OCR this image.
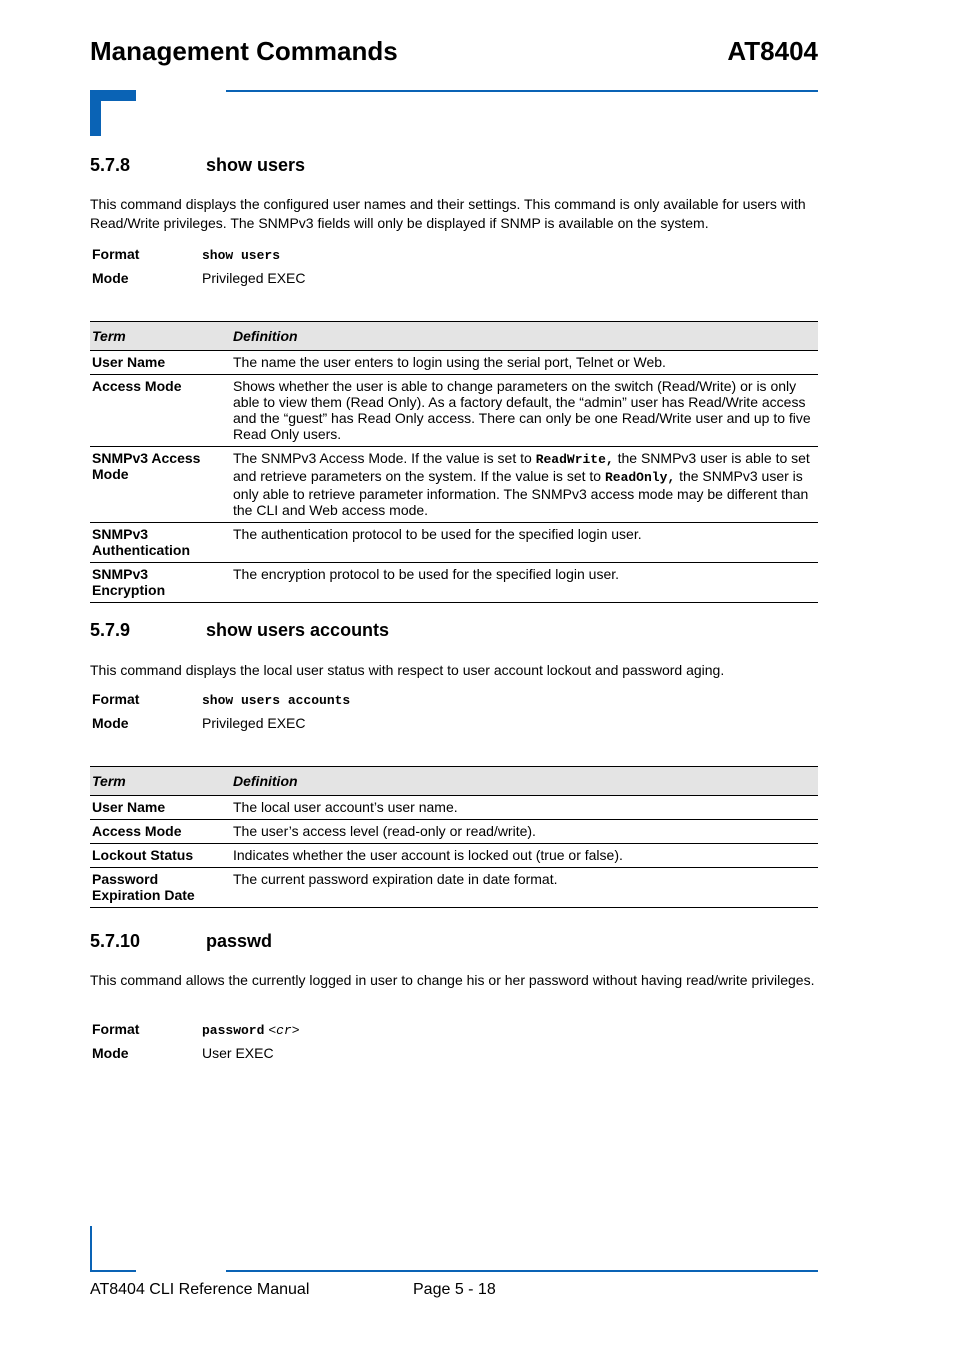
Management Commands	AT8404
5.7.8	show users

This command displays the configured user names and their settings. This command is only available for users with Read/Write privileges. The SNMPv3 fields will only be displayed if SNMP is available on the system.

Format	show users
Mode	Privileged EXEC
Term	Definition
User Name	The name the user enters to login using the serial port, Telnet or Web.
Access Mode	Shows whether the user is able to change parameters on the switch (Read/Write) or is only able to view them (Read Only). As a factory default, the “admin” user has Read/Write access and the “guest” has Read Only access. There can only be one Read/Write user and up to five Read Only users.
SNMPv3 Access Mode	The SNMPv3 Access Mode. If the value is set to ReadWrite, the SNMPv3 user is able to set and retrieve parameters on the system. If the value is set to ReadOnly, the SNMPv3 user is only able to retrieve parameter information. The SNMPv3 access mode may be different than the CLI and Web access mode.
SNMPv3 Authentication	The authentication protocol to be used for the specified login user.
SNMPv3 Encryption	The encryption protocol to be used for the specified login user.
5.7.9	show users accounts

This command displays the local user status with respect to user account lockout and password aging.

Format	show users accounts
Mode	Privileged EXEC
Term	Definition
User Name	The local user account’s user name.
Access Mode	The user’s access level (read-only or read/write).
Lockout Status	Indicates whether the user account is locked out (true or false).
Password Expiration Date	The current password expiration date in date format.
5.7.10	passwd

This command allows the currently logged in user to change his or her password without having read/write privileges.

Format	password <cr>
Mode	User EXEC
AT8404 CLI Reference Manual	Page 5 - 18
